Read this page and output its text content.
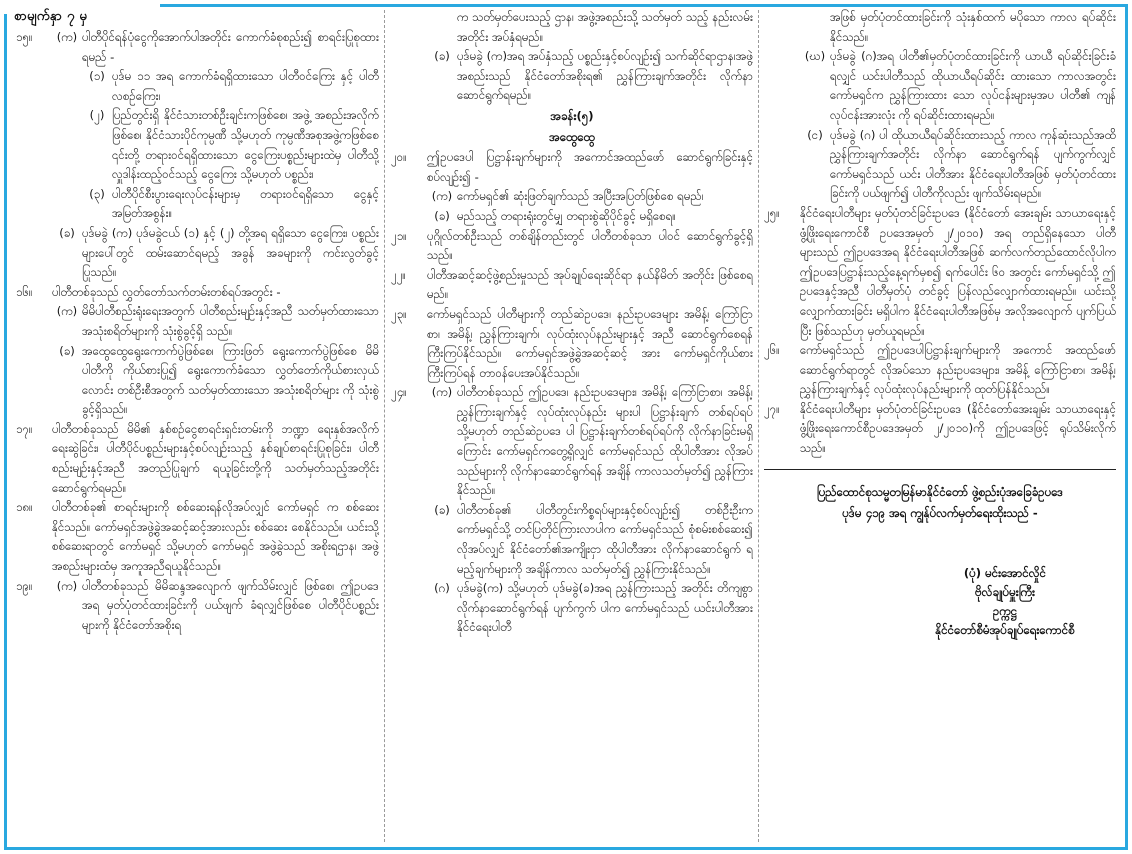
စာမျက်နှာ ၇ မှ
၁၅။	(က) ပါတီပိုင်ရန်ပုံငွေကိုအောက်ပါအတိုင်း ကောက်ခံစုစည်း၍ စာရင်းပြုစုထားရမည် -
(၁) ပုဒ်မ ၁၁ အရ ကောက်ခံရရှိထားသော ပါတီဝင်ကြေး နှင့် ပါတီလစဉ်ကြေး၊
(၂) ပြည်တွင်းရှိ နိုင်ငံသားတစ်ဦးချင်းကဖြစ်စေ၊ အဖွဲ့ အစည်းအလိုက်ဖြစ်စေ၊ နိုင်ငံသားပိုင်ကုမ္ပဏီ သို့မဟုတ် ကုမ္ပဏီအစုအဖွဲ့ကဖြစ်စေ ၎င်းတို့ တရားဝင်ရရှိထားသော ငွေကြေးပစ္စည်းများထဲမှ ပါတီသို့ လှူဒါန်းထည့်ဝင်သည့် ငွေကြေး သို့မဟုတ် ပစ္စည်း၊
(၃) ပါတီပိုင်စီးပွားရေးလုပ်ငန်းများမှ တရားဝင်ရရှိသော ငွေနှင့် အမြတ်အစွန်း။
(ခ) ပုဒ်မခွဲ (က) ပုဒ်မခွဲငယ် (၁) နှင့် (၂) တို့အရ ရရှိသော ငွေကြေး၊ ပစ္စည်းများပေါ်တွင် ထမ်းဆောင်ရမည့် အခွန် အခများကို ကင်းလွတ်ခွင့်ပြုသည်။
၁၆။	ပါတီတစ်ခုသည် လွှတ်တော်သက်တမ်းတစ်ရပ်အတွင်း -
(က) မိမိပါတီစည်းရုံးရေးအတွက် ပါတီစည်းမျဉ်းနှင့်အညီ သတ်မှတ်ထားသော အသုံးစရိတ်များကို သုံးစွဲခွင့်ရှိ သည်။
(ခ) အထွေထွေရွေးကောက်ပွဲဖြစ်စေ၊ ကြားဖြတ် ရွေးကောက်ပွဲဖြစ်စေ မိမိပါတီကို ကိုယ်စားပြု၍ ရွေးကောက်ခံသော လွှတ်တော်ကိုယ်စားလှယ်လောင်း တစ်ဦးစီအတွက် သတ်မှတ်ထားသော အသုံးစရိတ်များ ကို သုံးစွဲခွင့်ရှိသည်။
၁၇။	ပါတီတစ်ခုသည် မိမိ၏ နှစ်စဉ်ငွေစာရင်းရှင်းတမ်းကို ဘဏ္ဍာ ရေးနှစ်အလိုက် ရေးဆွဲခြင်း၊ ပါတီပိုင်ပစ္စည်းများနှင့်စပ်လျဉ်းသည့် နှစ်ချုပ်စာရင်းပြုစုခြင်း၊ ပါတီ စည်းမျဉ်းနှင့်အညီ အတည်ပြုချက် ရယူခြင်းတို့ကို သတ်မှတ်သည့်အတိုင်း ဆောင်ရွက်ရမည်။
၁၈။	ပါတီတစ်ခု၏ စာရင်းများကို စစ်ဆေးရန်လိုအပ်လျှင် ကော်မရှင် က စစ်ဆေးနိုင်သည်။ ကော်မရှင်အဖွဲ့ခွဲအဆင့်ဆင့်အားလည်း စစ်ဆေး စေနိုင်သည်။ ယင်းသို့ စစ်ဆေးရာတွင် ကော်မရှင် သို့မဟုတ် ကော်မရှင် အဖွဲ့ခွဲသည် အစိုးရဌာန၊ အဖွဲ့အစည်းများထံမှ အကူအညီရယူနိုင်သည်။
၁၉။	(က) ပါတီတစ်ခုသည် မိမိဆန္ဒအလျောက် ဖျက်သိမ်းလျှင် ဖြစ်စေ၊ ဤဥပဒေအရ မှတ်ပုံတင်ထားခြင်းကို ပယ်ဖျက် ခံရလျှင်ဖြစ်စေ ပါတီပိုင်ပစ္စည်းများကို နိုင်ငံတော်အစိုးရ
က သတ်မှတ်ပေးသည့် ဌာန၊ အဖွဲ့အစည်းသို့ သတ်မှတ် သည့် နည်းလမ်းအတိုင်း အပ်နှံရမည်။
(ခ) ပုဒ်မခွဲ (က)အရ အပ်နှံသည့် ပစ္စည်းနှင့်စပ်လျဉ်း၍ သက်ဆိုင်ရာဌာန၊အဖွဲ့အစည်းသည် နိုင်ငံတော်အစိုးရ၏ ညွှန်ကြားချက်အတိုင်း လိုက်နာဆောင်ရွက်ရမည်။
အခန်း(၅)
အထွေထွေ
၂၀။	ဤဥပဒေပါ ပြဋ္ဌာန်းချက်များကို အကောင်အထည်ဖော် ဆောင်ရွက်ခြင်းနှင့် စပ်လျဉ်း၍ -
(က) ကော်မရှင်၏ ဆုံးဖြတ်ချက်သည် အပြီးအပြတ်ဖြစ်စေ ရမည်၊
(ခ) မည်သည့် တရားရုံးတွင်မျှ တရားစွဲဆိုပိုင်ခွင့် မရှိစေရ။
၂၁။	ပုဂ္ဂိုလ်တစ်ဦးသည် တစ်ချိန်တည်းတွင် ပါတီတစ်ခုသာ ပါဝင် ဆောင်ရွက်ခွင့်ရှိသည်။
၂၂။	ပါတီအဆင့်ဆင့်ဖွဲ့စည်းမှုသည် အုပ်ချုပ်ရေးဆိုင်ရာ နယ်နိမိတ် အတိုင်း ဖြစ်စေရမည်။
၂၃။	ကော်မရှင်သည် ပါတီများကို တည်ဆဲဥပဒေ၊ နည်းဥပဒေများ အမိန့်၊ ကြော်ငြာစာ၊ အမိန့်၊ ညွှန်ကြားချက်၊ လုပ်ထုံးလုပ်နည်းများနှင့် အညီ ဆောင်ရွက်စေရန်ကြီးကြပ်နိုင်သည်။ ကော်မရှင်အဖွဲ့ခွဲအဆင့်ဆင့် အား ကော်မရှင်ကိုယ်စား ကြီးကြပ်ရန် တာဝန်ပေးအပ်နိုင်သည်။
၂၄။	(က) ပါတီတစ်ခုသည် ဤဥပဒေ၊ နည်းဥပဒေများ၊ အမိန့်၊ ကြော်ငြာစာ၊ အမိန့်၊ ညွှန်ကြားချက်နှင့် လုပ်ထုံးလုပ်နည်း များပါ ပြဋ္ဌာန်းချက် တစ်ရပ်ရပ် သို့မဟုတ် တည်ဆဲဥပဒေ ပါ ပြဋ္ဌာန်းချက်တစ်ရပ်ရပ်ကို လိုက်နာခြင်းမရှိကြောင်း ကော်မရှင်ကတွေ့ရှိလျှင် ကော်မရှင်သည် ထိုပါတီအား လိုအပ်သည်များကို လိုက်နာဆောင်ရွက်ရန် အချိန် ကာလသတ်မှတ်၍ ညွှန်ကြားနိုင်သည်။
(ခ) ပါတီတစ်ခု၏ ပါတီတွင်းကိစ္စရပ်များနှင့်စပ်လျဉ်း၍ တစ်ဦးဦးက ကော်မရှင်သို့ တင်ပြတိုင်ကြားလာပါက ကော်မရှင်သည် စုံစမ်းစစ်ဆေး၍ လိုအပ်လျှင် နိုင်ငံတော်၏အကျိုးငှာ ထိုပါတီအား လိုက်နာဆောင်ရွက် ရမည့်ချက်များကို အချိန်ကာလ သတ်မှတ်၍ ညွှန်ကြားနိုင်သည်။
(ဂ) ပုဒ်မခွဲ(က) သို့မဟုတ် ပုဒ်မခွဲ(ခ)အရ ညွှန်ကြားသည့် အတိုင်း တိကျစွာ လိုက်နာဆောင်ရွက်ရန် ပျက်ကွက် ပါက ကော်မရှင်သည် ယင်းပါတီအား နိုင်ငံရေးပါတီ
အဖြစ် မှတ်ပုံတင်ထားခြင်းကို သုံးနှစ်ထက် မပိုသော ကာလ ရပ်ဆိုင်းနိုင်သည်။
(ဃ) ပုဒ်မခွဲ (ဂ)အရ ပါတီ၏မှတ်ပုံတင်ထားခြင်းကို ယာယီ ရပ်ဆိုင်းခြင်းခံရလျှင် ယင်းပါတီသည် ထိုယာယီရပ်ဆိုင်း ထားသော ကာလအတွင်း ကော်မရှင်က ညွှန်ကြားထား သော လုပ်ငန်းများမှအပ ပါတီ၏ ကျန်လုပ်ငန်းအားလုံး ကို ရပ်ဆိုင်းထားရမည်။
(င) ပုဒ်မခွဲ (ဂ) ပါ ထိုယာယီရပ်ဆိုင်းထားသည့် ကာလ ကုန်ဆုံးသည်အထိ ညွှန်ကြားချက်အတိုင်း လိုက်နာ ဆောင်ရွက်ရန် ပျက်ကွက်လျှင် ကော်မရှင်သည် ယင်း ပါတီအား နိုင်ငံရေးပါတီအဖြစ် မှတ်ပုံတင်ထားခြင်းကို ပယ်ဖျက်၍ ပါတီကိုလည်း ဖျက်သိမ်းရမည်။
၂၅။	နိုင်ငံရေးပါတီများ မှတ်ပုံတင်ခြင်းဥပဒေ (နိုင်ငံတော် အေးချမ်း သာယာရေးနှင့် ဖွံ့ဖြိုးရေးကောင်စီ ဥပဒေအမှတ် ၂/၂၀၁၀) အရ တည်ရှိနေသော ပါတီများသည် ဤဥပဒေအရ နိုင်ငံရေးပါတီအဖြစ် ဆက်လက်တည်ထောင်လိုပါက ဤဥပဒေပြဋ္ဌာန်းသည့်နေ့ရက်မှစ၍ ရက်ပေါင်း ၆၀ အတွင်း ကော်မရှင်သို့ ဤဥပဒေနှင့်အညီ ပါတီမှတ်ပုံ တင်ခွင့် ပြန်လည်လျှောက်ထားရမည်။ ယင်းသို့ လျှောက်ထားခြင်း မရှိပါက နိုင်ငံရေးပါတီအဖြစ်မှ အလိုအလျောက် ပျက်ပြယ်ပြီး ဖြစ်သည်ဟု မှတ်ယူရမည်။
၂၆။	ကော်မရှင်သည် ဤဥပဒေပါပြဋ္ဌာန်းချက်များကို အကောင် အထည်ဖော်ဆောင်ရွက်ရာတွင် လိုအပ်သော နည်းဥပဒေများ၊ အမိန့် ကြော်ငြာစာ၊ အမိန့်၊ ညွှန်ကြားချက်နှင့် လုပ်ထုံးလုပ်နည်းများကို ထုတ်ပြန်နိုင်သည်။
၂၇။	နိုင်ငံရေးပါတီများ မှတ်ပုံတင်ခြင်းဥပဒေ (နိုင်ငံတော်အေးချမ်း သာယာရေးနှင့် ဖွံ့ဖြိုးရေးကောင်စီဥပဒေအမှတ် ၂/၂၀၁၀)ကို ဤဥပဒေဖြင့် ရုပ်သိမ်းလိုက်သည်။
ပြည်ထောင်စုသမ္မတမြန်မာနိုင်ငံတော် ဖွဲ့စည်းပုံအခြေခံဥပဒေ
ပုဒ်မ ၄၁၉ အရ ကျွန်ုပ်လက်မှတ်ရေးထိုးသည် -
(ပုံ) မင်းအောင်လှိုင်
ဗိုလ်ချုပ်မှူးကြီး
ဥက္ကဋ္ဌ
နိုင်ငံတော်စီမံအုပ်ချုပ်ရေးကောင်စီ
